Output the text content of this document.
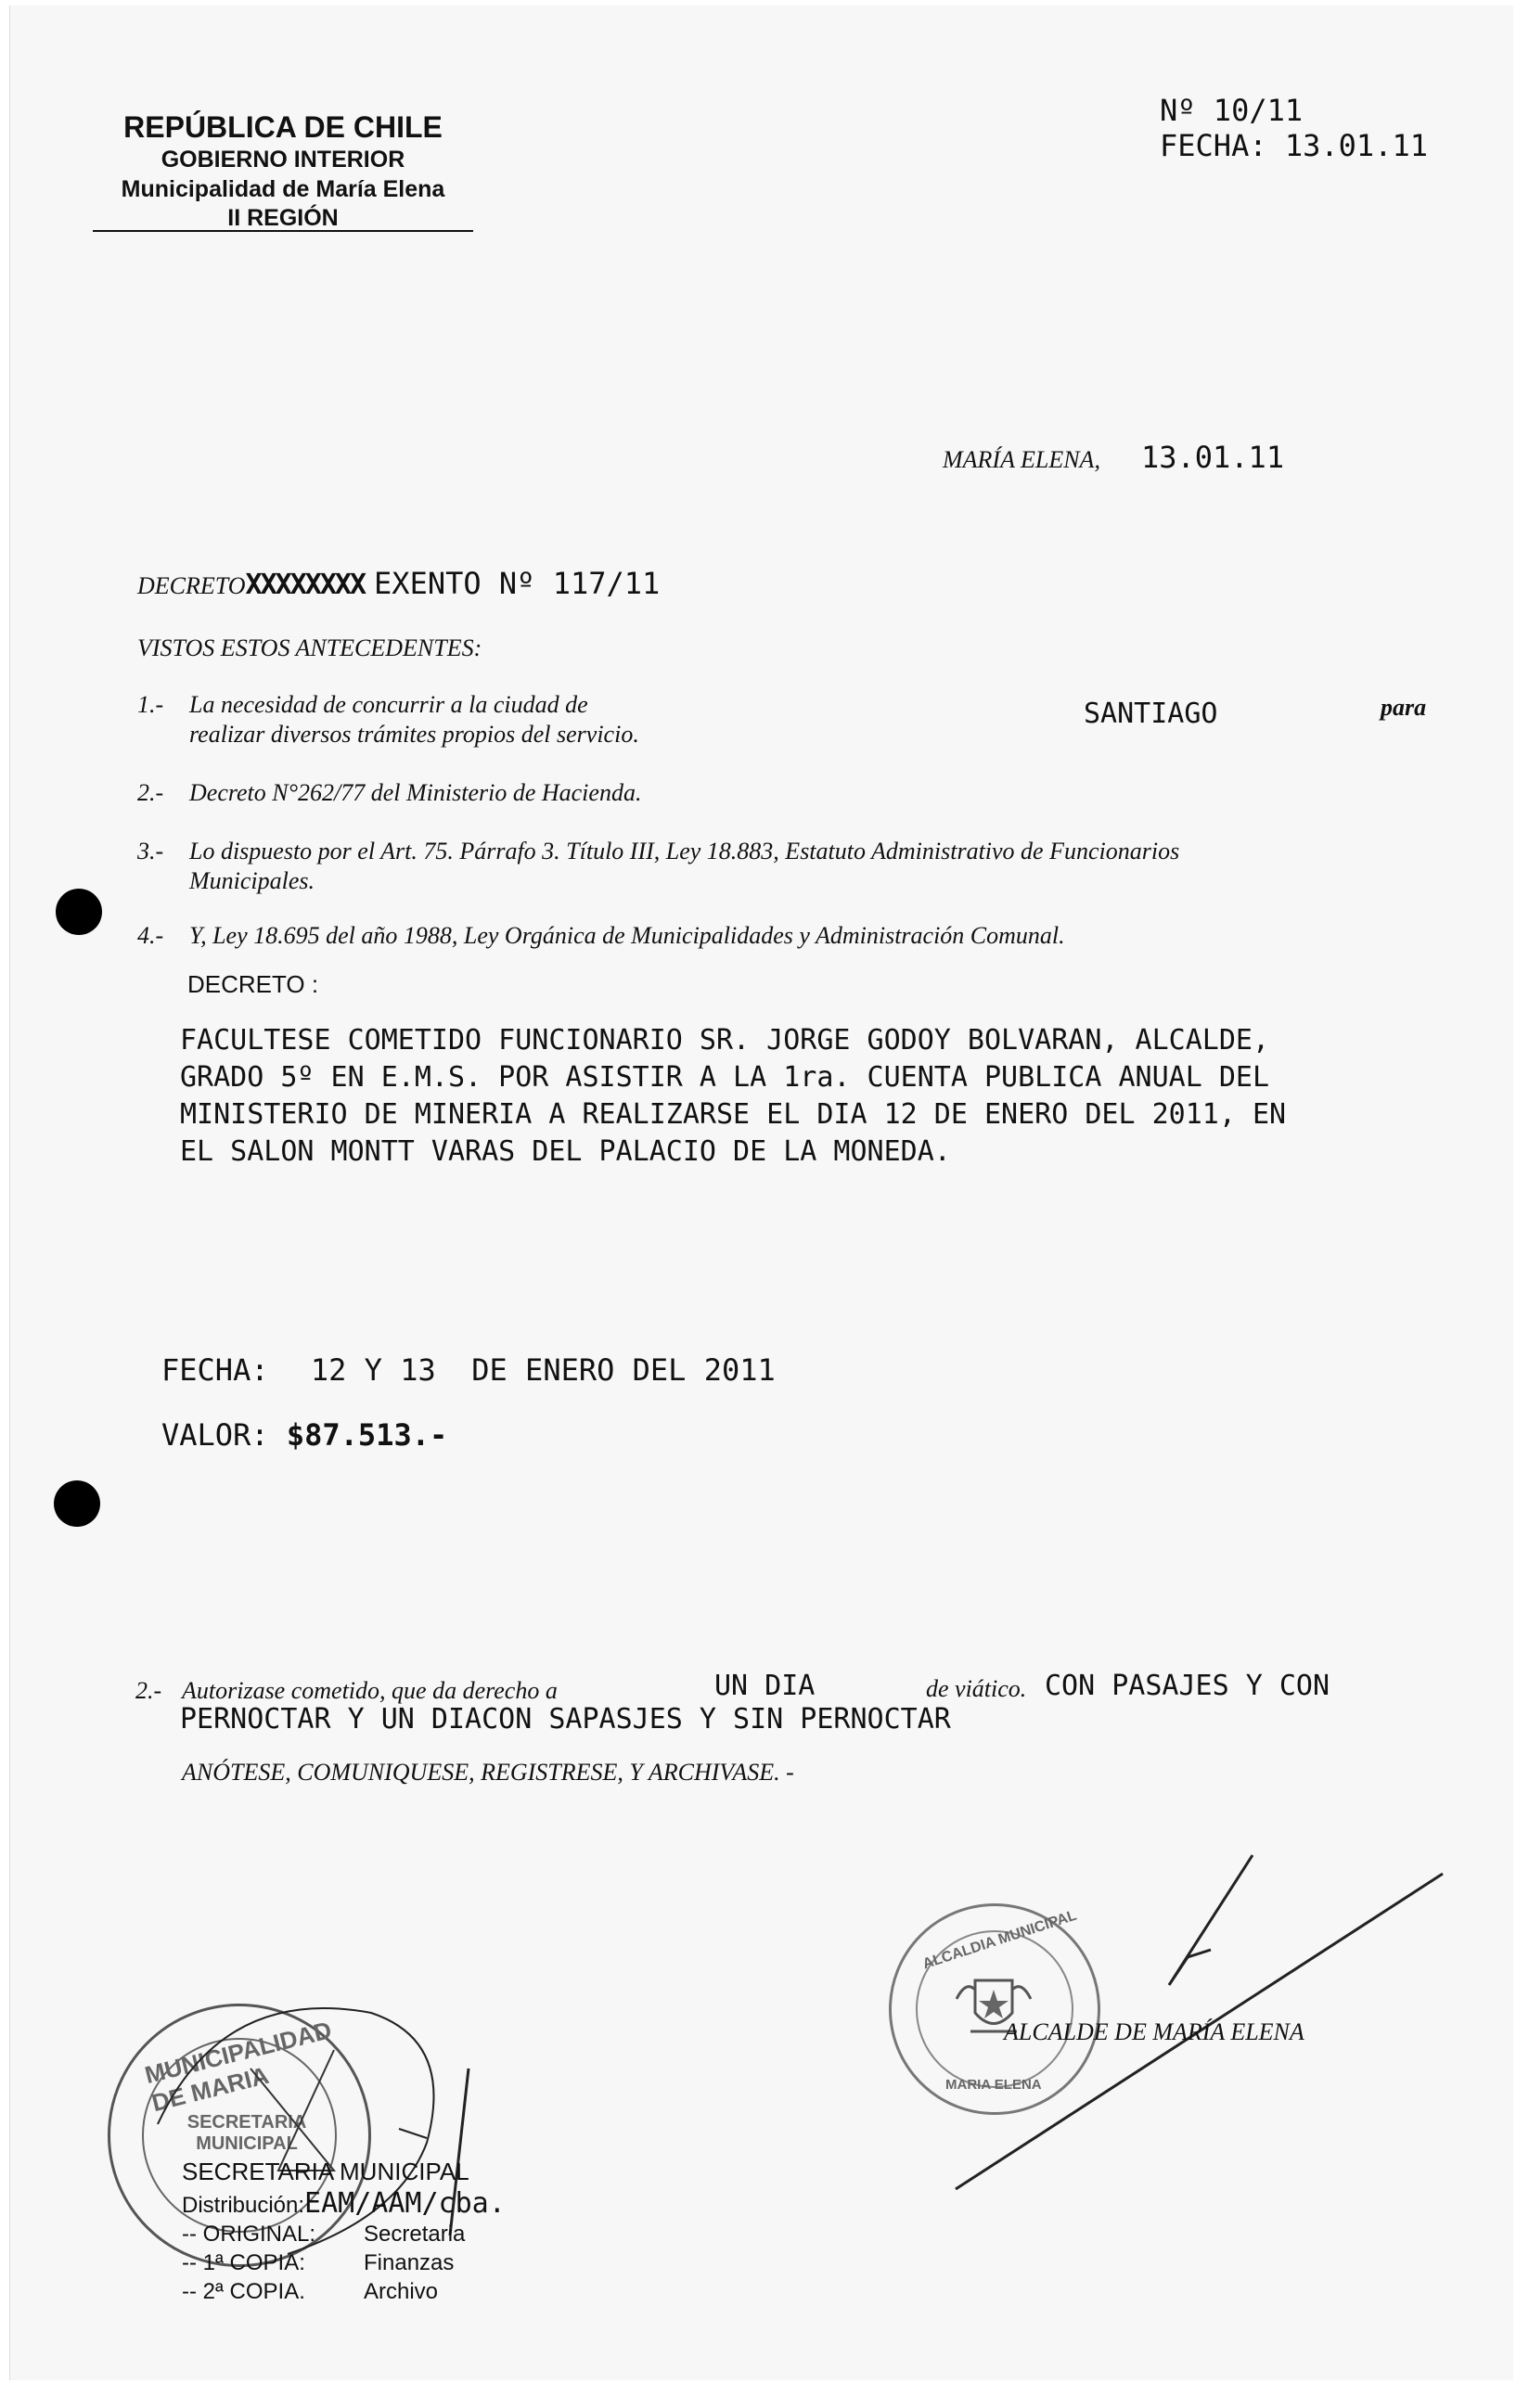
REPÚBLICA DE CHILE
GOBIERNO INTERIOR
Municipalidad de María Elena
II REGIÓN
Nº 10/11
FECHA: 13.01.11
MARÍA ELENA, 13.01.11
DECRETOXXXXXXXX EXENTO Nº 117/11
VISTOS ESTOS ANTECEDENTES:
1.- La necesidad de concurrir a la ciudad de
realizar diversos trámites propios del servicio.
SANTIAGO	para
2.- Decreto N°262/77 del Ministerio de Hacienda.
3.- Lo dispuesto por el Art. 75. Párrafo 3. Título III, Ley 18.883, Estatuto Administrativo de Funcionarios
Municipales.
4.- Y, Ley 18.695 del año 1988, Ley Orgánica de Municipalidades y Administración Comunal.
DECRETO :
FACULTESE COMETIDO FUNCIONARIO SR. JORGE GODOY BOLVARAN, ALCALDE,
GRADO 5º EN E.M.S. POR ASISTIR A LA 1ra. CUENTA PUBLICA ANUAL DEL
MINISTERIO DE MINERIA A REALIZARSE EL DIA 12 DE ENERO DEL 2011, EN
EL SALON MONTT VARAS DEL PALACIO DE LA MONEDA.
FECHA: 12 Y 13  DE ENERO DEL 2011
VALOR: $87.513.-
2.- Autorizase cometido, que da derecho a	UN DIA	de viático. CON PASAJES Y CON
PERNOCTAR Y UN DIACON SAPASJES Y SIN PERNOCTAR
ANÓTESE, COMUNIQUESE, REGISTRESE, Y ARCHIVASE. -
ALCALDIA MUNICIPAL
MARIA ELENA
ALCALDE DE MARÍA ELENA
MUNICIPALIDAD DE MARIA
SECRETARIA MUNICIPAL
SECRETARIA MUNICIPAL
Distribución:EAM/AAM/cba.
-- ORIGINAL: Secretaria
-- 1ª COPIA:	Finanzas
-- 2ª COPIA.	Archivo
